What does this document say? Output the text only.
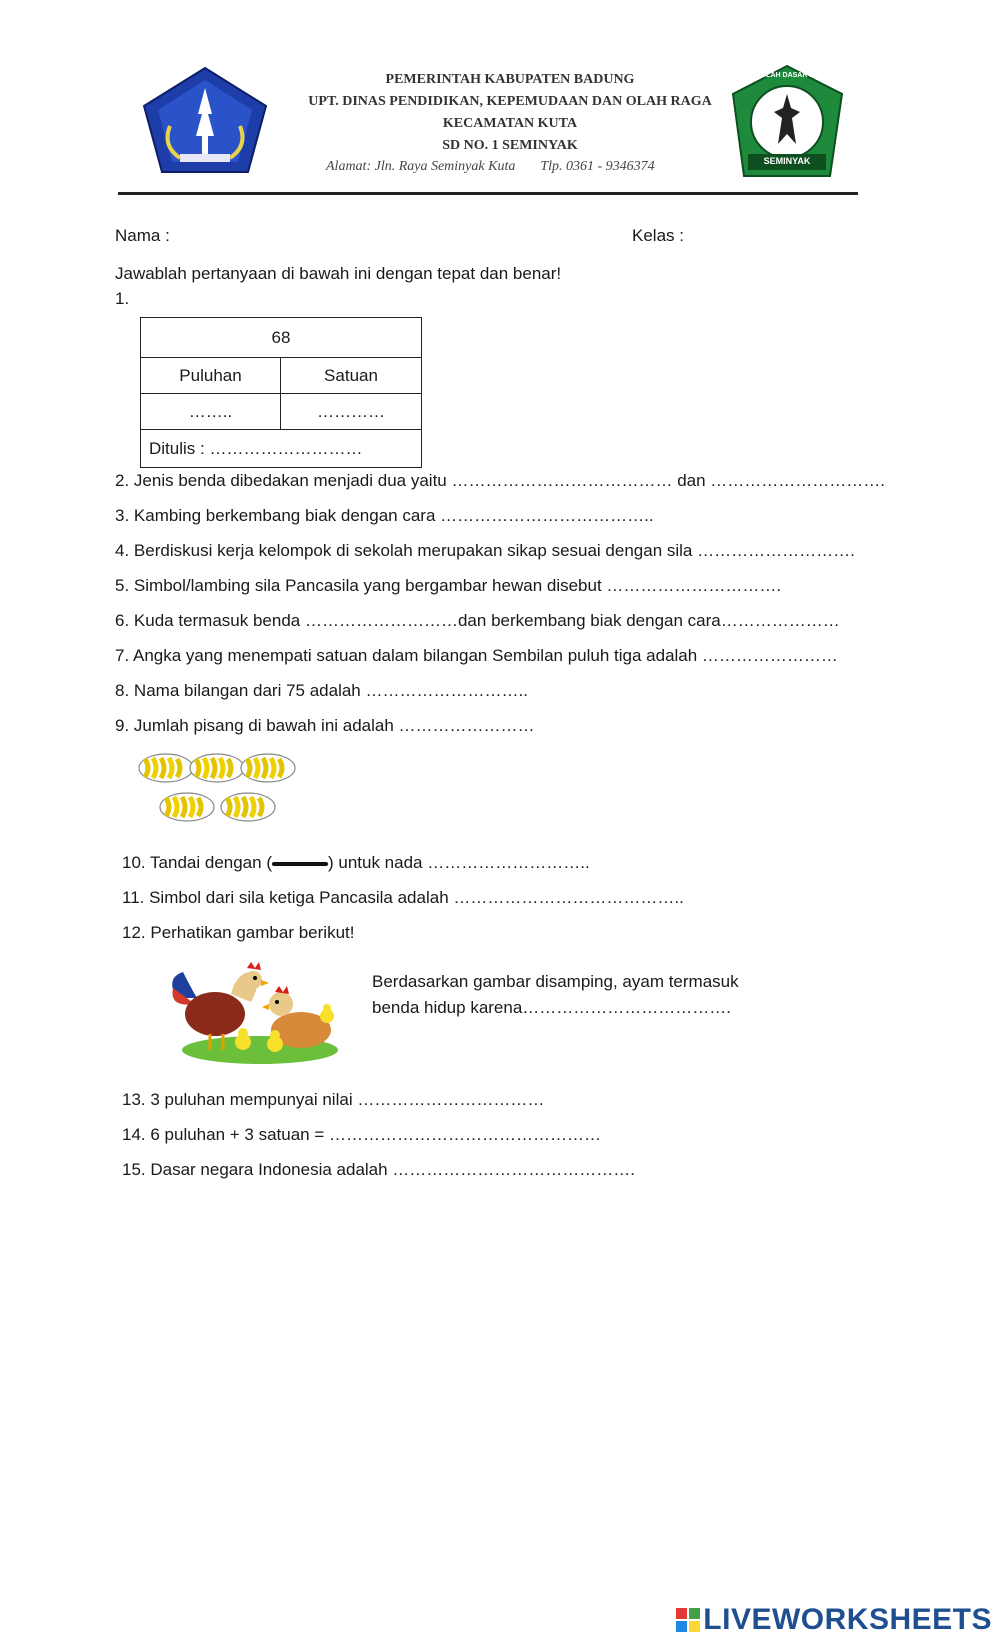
PEMERINTAH KABUPATEN BADUNG
UPT. DINAS PENDIDIKAN, KEPEMUDAAN DAN OLAH RAGA
KECAMATAN KUTA
SD NO. 1 SEMINYAK
Alamat: Jln. Raya Seminyak Kuta Tlp. 0361 - 9346374	SEMINYAK
SEKOLAH DASAR NO. 1
Nama :	Kelas :
Jawablah pertanyaan di bawah ini dengan tepat dan benar!
1.
68
Puluhan	Satuan
……..	…………
Ditulis : ………………………
2. Jenis benda dibedakan menjadi dua yaitu ………………………………… dan ………………………….
3. Kambing berkembang biak dengan cara ………………………………..
4. Berdiskusi kerja kelompok di sekolah merupakan sikap sesuai dengan sila ……………………….
5. Simbol/lambing sila Pancasila yang bergambar hewan disebut ………………………….
6. Kuda termasuk benda ………………………dan berkembang biak dengan cara…………………
7. Angka yang menempati satuan dalam bilangan Sembilan puluh tiga adalah ……………………
8. Nama bilangan dari 75 adalah ………………………..
9. Jumlah pisang di bawah ini adalah ……………………
10. Tandai dengan (	) untuk nada ………………………..
11. Simbol dari sila ketiga Pancasila adalah …………………………………..
12. Perhatikan gambar berikut!
Berdasarkan gambar disamping, ayam termasuk
benda hidup karena……………………………….
13. 3 puluhan mempunyai nilai ……………………………
14. 6 puluhan + 3 satuan = …………………………………………
15. Dasar negara Indonesia adalah …………………………………….
LIVEWORKSHEETS
